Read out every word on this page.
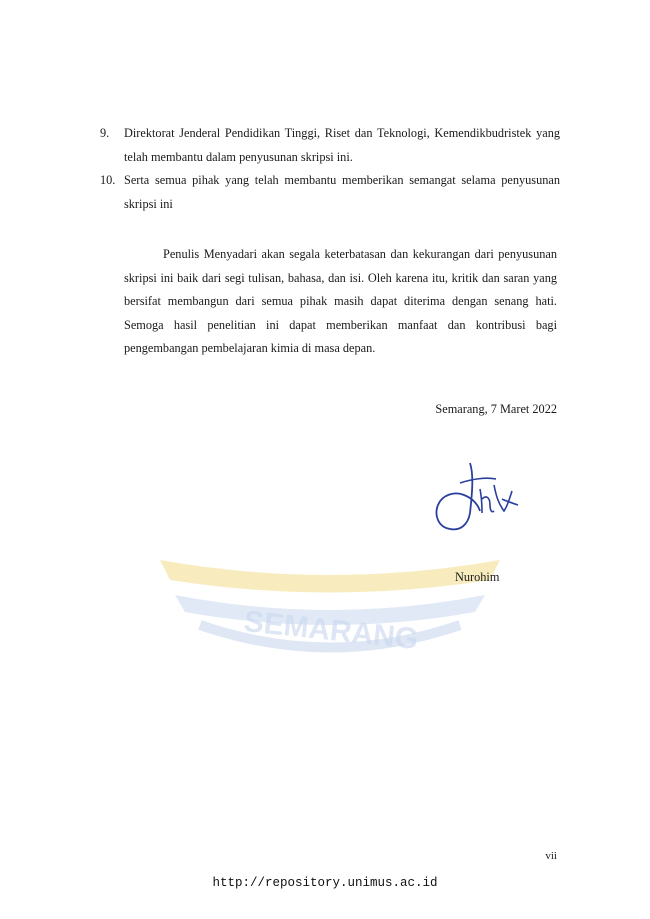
SEMARANG
9.	Direktorat Jenderal Pendidikan Tinggi, Riset dan Teknologi, Kemendikbudristek yang telah membantu dalam penyusunan skripsi ini.
10. Serta semua pihak yang telah membantu memberikan semangat selama penyusunan skripsi ini
Penulis Menyadari akan segala keterbatasan dan kekurangan dari penyusunan skripsi ini baik dari segi tulisan, bahasa, dan isi. Oleh karena itu, kritik dan saran yang bersifat membangun dari semua pihak masih dapat diterima dengan senang hati. Semoga hasil penelitian ini dapat memberikan manfaat dan kontribusi bagi pengembangan pembelajaran kimia di masa depan.
Semarang, 7 Maret 2022
Nurohim
vii
http://repository.unimus.ac.id
